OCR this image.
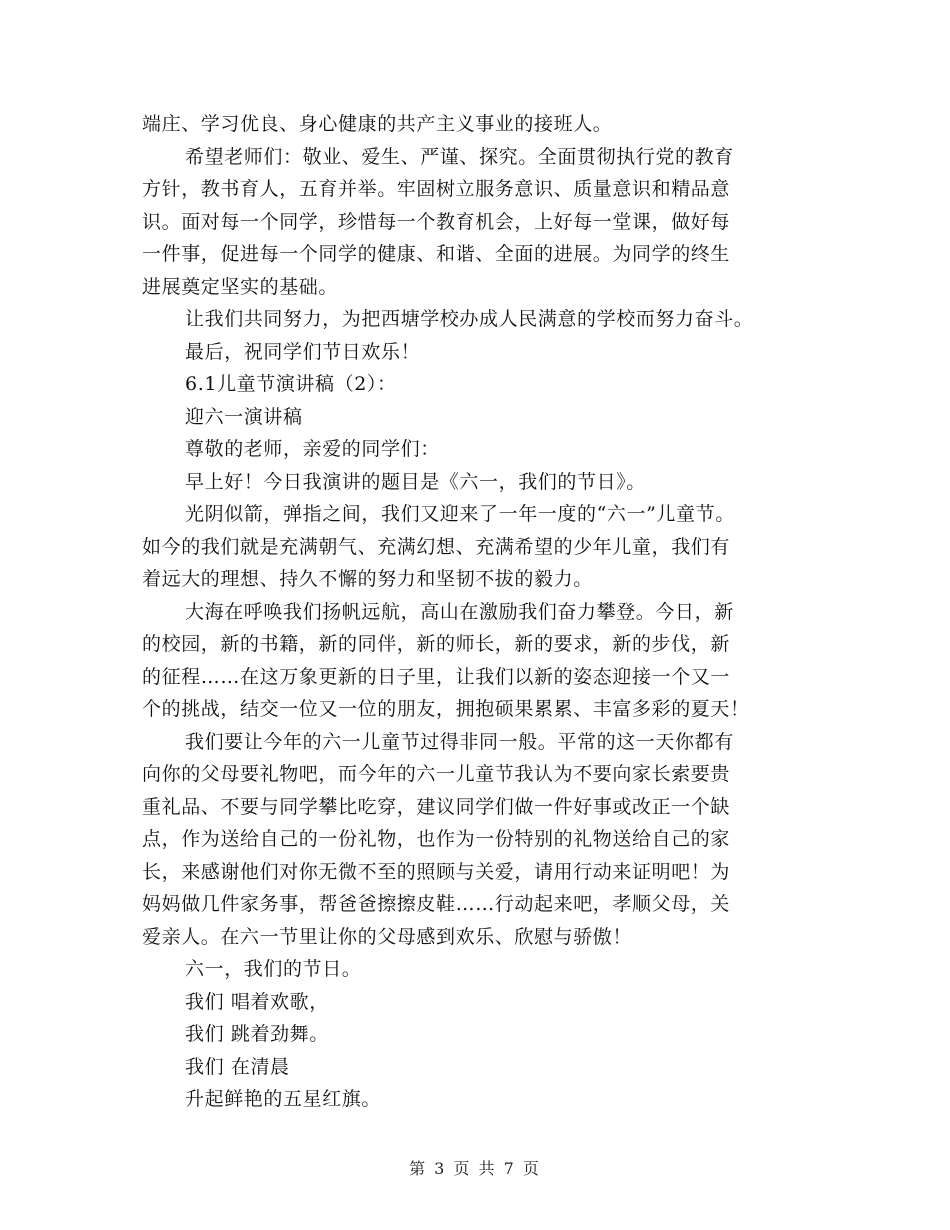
端庄、学习优良、身心健康的共产主义事业的接班人。
希望老师们：敬业、爱生、严谨、探究。全面贯彻执行党的教育
方针，教书育人，五育并举。牢固树立服务意识、质量意识和精品意
识。面对每一个同学，珍惜每一个教育机会，上好每一堂课，做好每
一件事，促进每一个同学的健康、和谐、全面的进展。为同学的终生
进展奠定坚实的基础。
让我们共同努力，为把西塘学校办成人民满意的学校而努力奋斗。
最后，祝同学们节日欢乐！
6.1儿童节演讲稿（2）：
迎六一演讲稿
尊敬的老师，亲爱的同学们：
早上好！今日我演讲的题目是《六一，我们的节日》。
光阴似箭，弹指之间，我们又迎来了一年一度的“六一”儿童节。
如今的我们就是充满朝气、充满幻想、充满希望的少年儿童，我们有
着远大的理想、持久不懈的努力和坚韧不拔的毅力。
大海在呼唤我们扬帆远航，高山在激励我们奋力攀登。今日，新
的校园，新的书籍，新的同伴，新的师长，新的要求，新的步伐，新
的征程……在这万象更新的日子里，让我们以新的姿态迎接一个又一
个的挑战，结交一位又一位的朋友，拥抱硕果累累、丰富多彩的夏天！
我们要让今年的六一儿童节过得非同一般。平常的这一天你都有
向你的父母要礼物吧，而今年的六一儿童节我认为不要向家长索要贵
重礼品、不要与同学攀比吃穿，建议同学们做一件好事或改正一个缺
点，作为送给自己的一份礼物，也作为一份特别的礼物送给自己的家
长，来感谢他们对你无微不至的照顾与关爱，请用行动来证明吧！为
妈妈做几件家务事，帮爸爸擦擦皮鞋……行动起来吧，孝顺父母，关
爱亲人。在六一节里让你的父母感到欢乐、欣慰与骄傲！
六一，我们的节日。
我们 唱着欢歌，
我们 跳着劲舞。
我们 在清晨
升起鲜艳的五星红旗。
第 3 页 共 7 页
